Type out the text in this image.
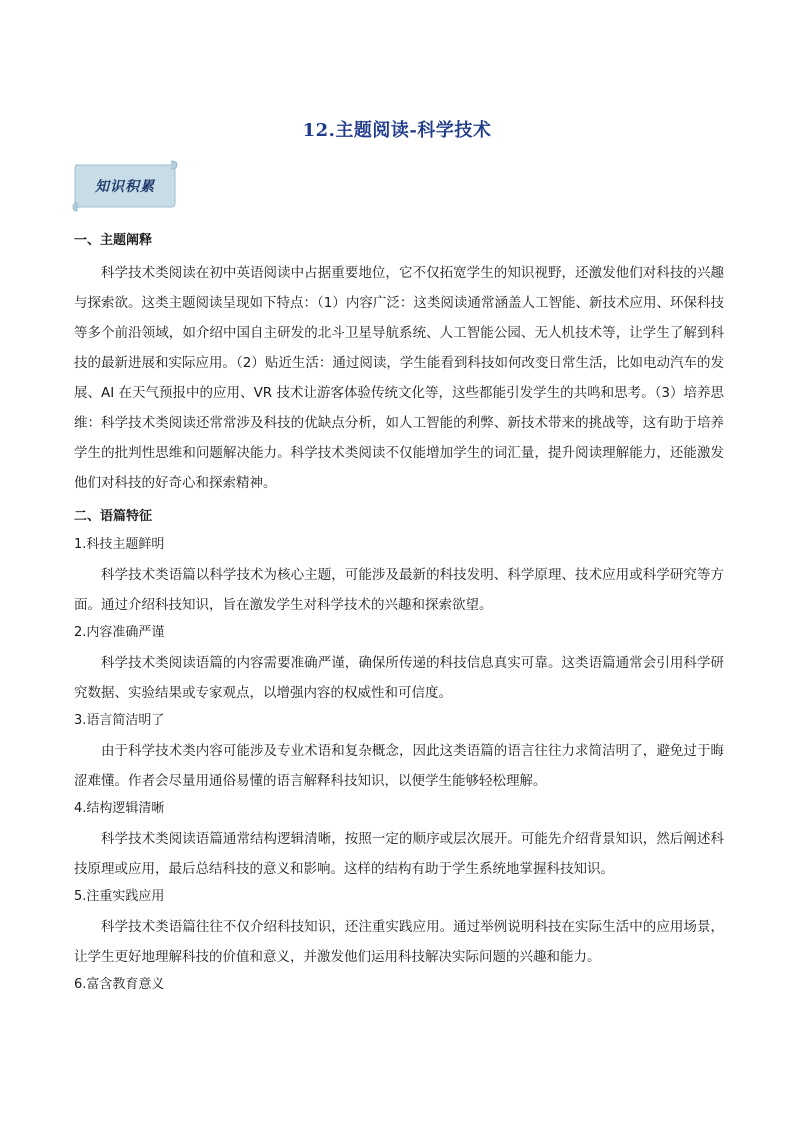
12.主题阅读-科学技术
知识积累
一、主题阐释

科学技术类阅读在初中英语阅读中占据重要地位，它不仅拓宽学生的知识视野，还激发他们对科技的兴趣与探索欲。这类主题阅读呈现如下特点：（1）内容广泛：这类阅读通常涵盖人工智能、新技术应用、环保科技等多个前沿领域，如介绍中国自主研发的北斗卫星导航系统、人工智能公园、无人机技术等，让学生了解到科技的最新进展和实际应用。（2）贴近生活：通过阅读，学生能看到科技如何改变日常生活，比如电动汽车的发展、AI 在天气预报中的应用、VR 技术让游客体验传统文化等，这些都能引发学生的共鸣和思考。（3）培养思维：科学技术类阅读还常常涉及科技的优缺点分析，如人工智能的利弊、新技术带来的挑战等，这有助于培养学生的批判性思维和问题解决能力。科学技术类阅读不仅能增加学生的词汇量，提升阅读理解能力，还能激发他们对科技的好奇心和探索精神。

二、语篇特征
1.科技主题鲜明

科学技术类语篇以科学技术为核心主题，可能涉及最新的科技发明、科学原理、技术应用或科学研究等方面。通过介绍科技知识，旨在激发学生对科学技术的兴趣和探索欲望。

2.内容准确严谨

科学技术类阅读语篇的内容需要准确严谨，确保所传递的科技信息真实可靠。这类语篇通常会引用科学研究数据、实验结果或专家观点，以增强内容的权威性和可信度。

3.语言简洁明了

由于科学技术类内容可能涉及专业术语和复杂概念，因此这类语篇的语言往往力求简洁明了，避免过于晦涩难懂。作者会尽量用通俗易懂的语言解释科技知识，以便学生能够轻松理解。

4.结构逻辑清晰

科学技术类阅读语篇通常结构逻辑清晰，按照一定的顺序或层次展开。可能先介绍背景知识，然后阐述科技原理或应用，最后总结科技的意义和影响。这样的结构有助于学生系统地掌握科技知识。

5.注重实践应用

科学技术类语篇往往不仅介绍科技知识，还注重实践应用。通过举例说明科技在实际生活中的应用场景，让学生更好地理解科技的价值和意义，并激发他们运用科技解决实际问题的兴趣和能力。

6.富含教育意义
